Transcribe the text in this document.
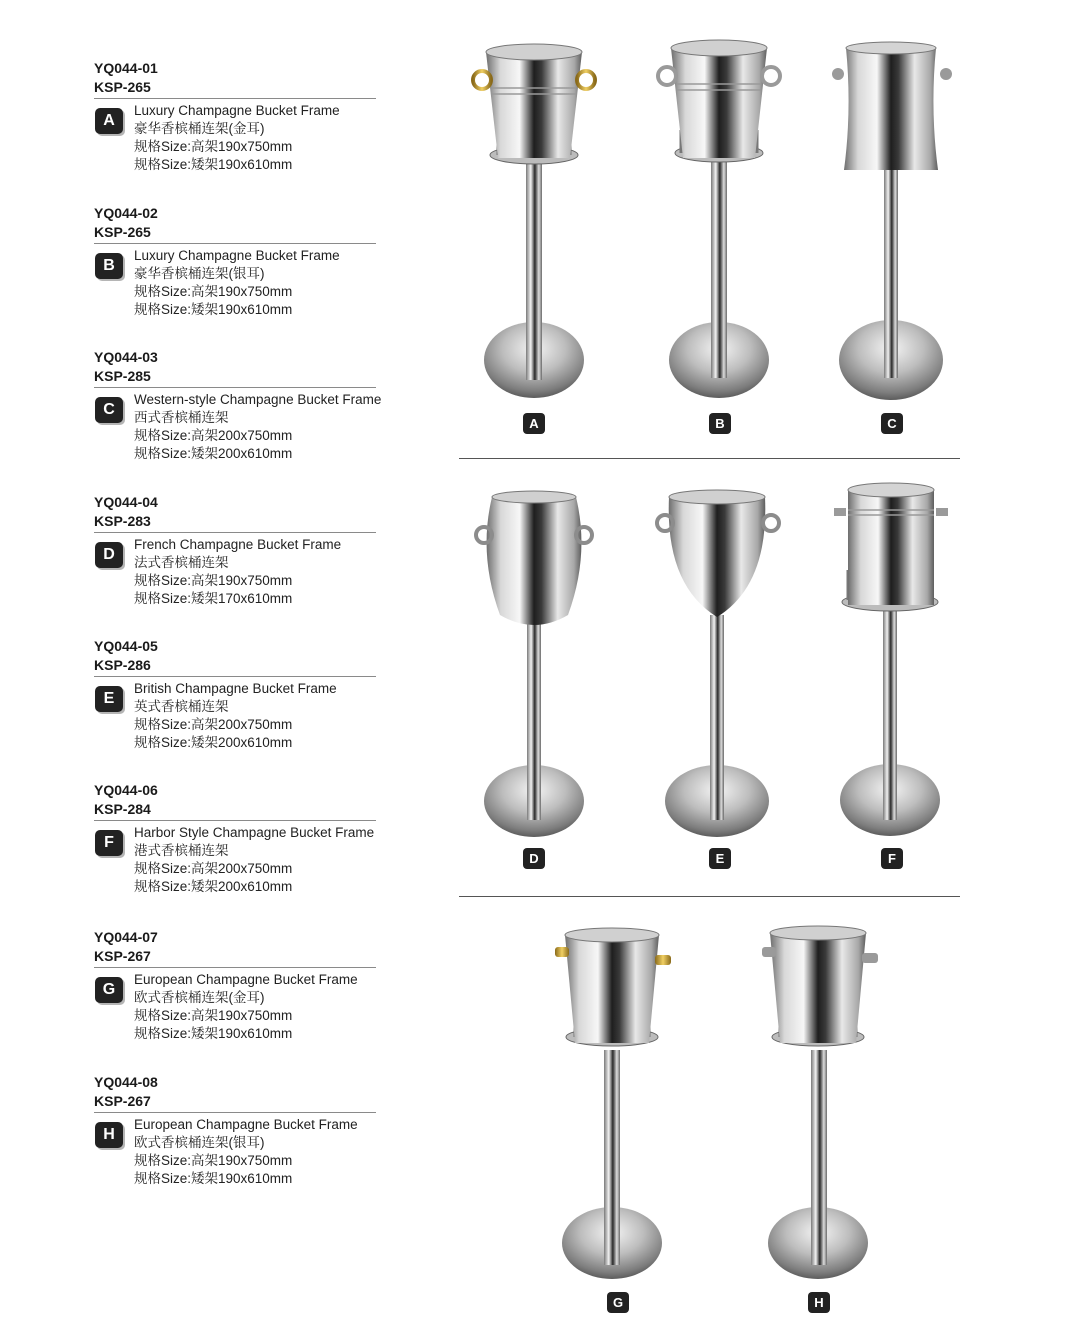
YQ044-01
KSP-265
A
Luxury Champagne Bucket Frame
豪华香槟桶连架(金耳)
规格Size:高架190x750mm
规格Size:矮架190x610mm
YQ044-02
KSP-265
B
Luxury Champagne Bucket Frame
豪华香槟桶连架(银耳)
规格Size:高架190x750mm
规格Size:矮架190x610mm
YQ044-03
KSP-285
C
Western-style Champagne Bucket Frame
西式香槟桶连架
规格Size:高架200x750mm
规格Size:矮架200x610mm
YQ044-04
KSP-283
D
French Champagne Bucket Frame
法式香槟桶连架
规格Size:高架190x750mm
规格Size:矮架170x610mm
YQ044-05
KSP-286
E
British Champagne Bucket Frame
英式香槟桶连架
规格Size:高架200x750mm
规格Size:矮架200x610mm
YQ044-06
KSP-284
F
Harbor Style Champagne Bucket Frame
港式香槟桶连架
规格Size:高架200x750mm
规格Size:矮架200x610mm
YQ044-07
KSP-267
G
European Champagne Bucket Frame
欧式香槟桶连架(金耳)
规格Size:高架190x750mm
规格Size:矮架190x610mm
YQ044-08
KSP-267
H
European Champagne Bucket Frame
欧式香槟桶连架(银耳)
规格Size:高架190x750mm
规格Size:矮架190x610mm
A	B	C
D	E	F
G	H
